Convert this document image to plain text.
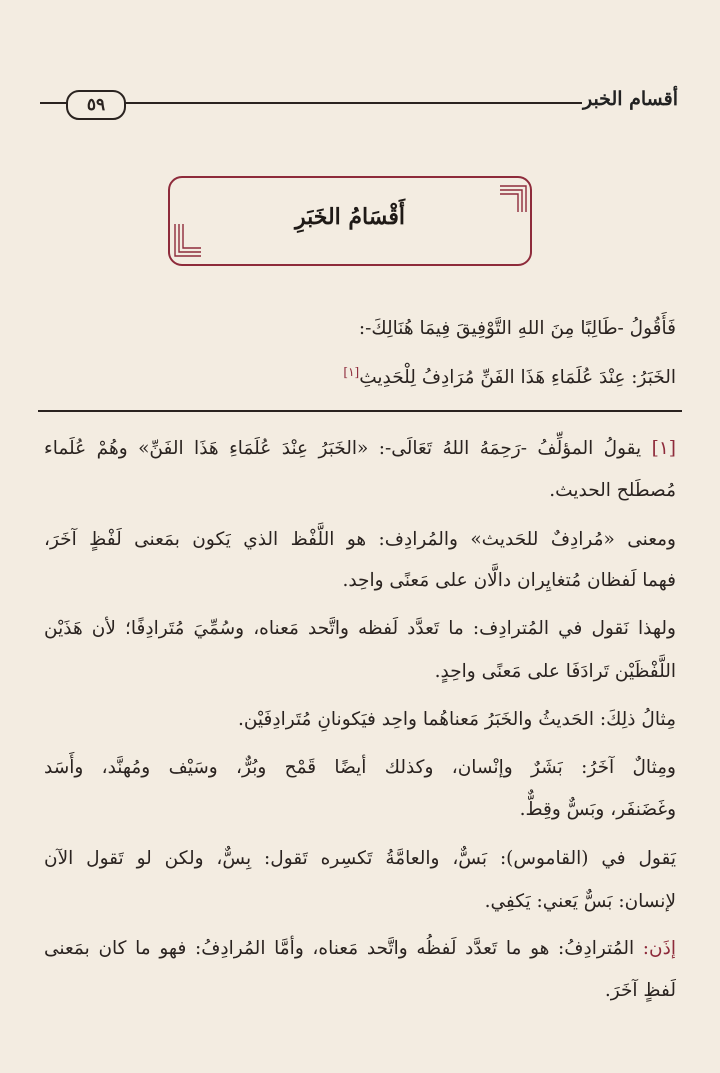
أقسام الخبر
٥٩
أَقْسَامُ الخَبَرِ
فَأَقُولُ -طَالِبًا مِنَ اللهِ التَّوْفِيقَ فِيمَا هُنَالِكَ-:
الخَبَرُ: عِنْدَ عُلَمَاءِ هَذَا الفَنِّ مُرَادِفُ لِلْحَدِيثِ[١]
[١] يقولُ المؤلِّفُ -رَحِمَهُ اللهُ تَعَالَى-: «الخَبَرُ عِنْدَ عُلَمَاءِ هَذَا الفَنِّ» وهُمْ عُلَماء
مُصطَلح الحديث.
ومعنى «مُرادِفٌ للحَديث» والمُرادِف: هو اللَّفْظ الذي يَكون بمَعنى لَفْظٍ آخَرَ،
فهما لَفظان مُتغايِران دالَّان على مَعنًى واحِد.
ولهذا نَقول في المُترادِف: ما تَعدَّد لَفظه واتَّحد مَعناه، وسُمِّيَ مُتَرادِفًا؛ لأن هَذَيْن
اللَّفْظَيْن تَرادَفَا على مَعنًى واحِدٍ.
مِثالُ ذلِكَ: الحَديثُ والخَبَرُ مَعناهُما واحِد فيَكونانِ مُتَرادِفَيْن.
ومِثالٌ آخَرُ: بَشَرٌ وإنْسان، وكذلك أيضًا قَمْح وبُرٌّ، وسَيْف ومُهنَّد، وأَسَد
وغَضَنفَر، وبَسٌّ وقِطٌّ.
يَقول في (القاموس): بَسٌّ، والعامَّةُ تَكسِره تَقول: بِسٌّ، ولكن لو تَقول الآن
لإنسان: بَسٌّ يَعني: يَكفِي.
إذَن: المُترادِفُ: هو ما تَعدَّد لَفظُه واتَّحد مَعناه، وأمَّا المُرادِفُ: فهو ما كان بمَعنى
لَفظٍ آخَرَ.
